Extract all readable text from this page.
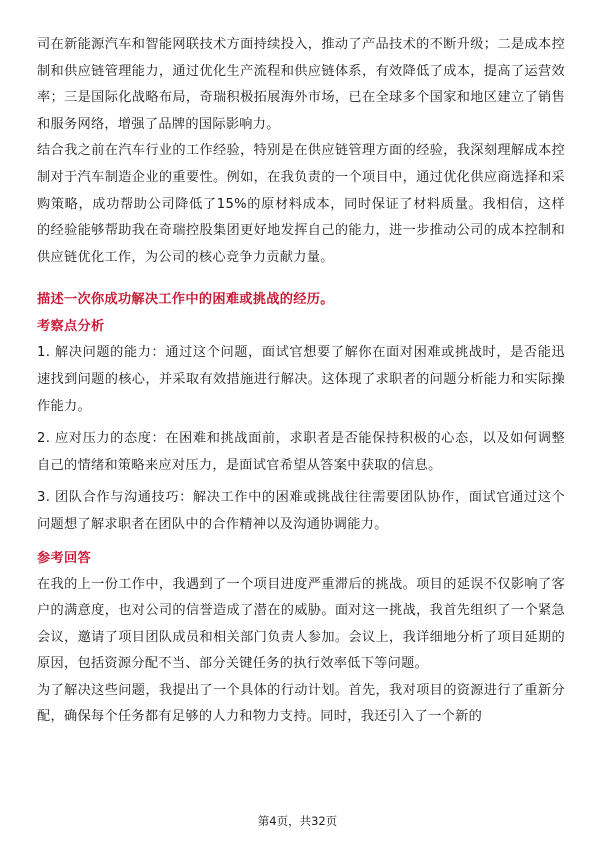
司在新能源汽车和智能网联技术方面持续投入，推动了产品技术的不断升级；二是成本控制和供应链管理能力，通过优化生产流程和供应链体系，有效降低了成本，提高了运营效率；三是国际化战略布局，奇瑞积极拓展海外市场，已在全球多个国家和地区建立了销售和服务网络，增强了品牌的国际影响力。

结合我之前在汽车行业的工作经验，特别是在供应链管理方面的经验，我深刻理解成本控制对于汽车制造企业的重要性。例如，在我负责的一个项目中，通过优化供应商选择和采购策略，成功帮助公司降低了15%的原材料成本，同时保证了材料质量。我相信，这样的经验能够帮助我在奇瑞控股集团更好地发挥自己的能力，进一步推动公司的成本控制和供应链优化工作，为公司的核心竞争力贡献力量。

描述一次你成功解决工作中的困难或挑战的经历。
考察点分析

1. 解决问题的能力：通过这个问题，面试官想要了解你在面对困难或挑战时，是否能迅速找到问题的核心，并采取有效措施进行解决。这体现了求职者的问题分析能力和实际操作能力。

2. 应对压力的态度：在困难和挑战面前，求职者是否能保持积极的心态，以及如何调整自己的情绪和策略来应对压力，是面试官希望从答案中获取的信息。

3. 团队合作与沟通技巧：解决工作中的困难或挑战往往需要团队协作，面试官通过这个问题想了解求职者在团队中的合作精神以及沟通协调能力。

参考回答

在我的上一份工作中，我遇到了一个项目进度严重滞后的挑战。项目的延误不仅影响了客户的满意度，也对公司的信誉造成了潜在的威胁。面对这一挑战，我首先组织了一个紧急会议，邀请了项目团队成员和相关部门负责人参加。会议上，我详细地分析了项目延期的原因，包括资源分配不当、部分关键任务的执行效率低下等问题。

为了解决这些问题，我提出了一个具体的行动计划。首先，我对项目的资源进行了重新分配，确保每个任务都有足够的人力和物力支持。同时，我还引入了一个新的

第4页，共32页
